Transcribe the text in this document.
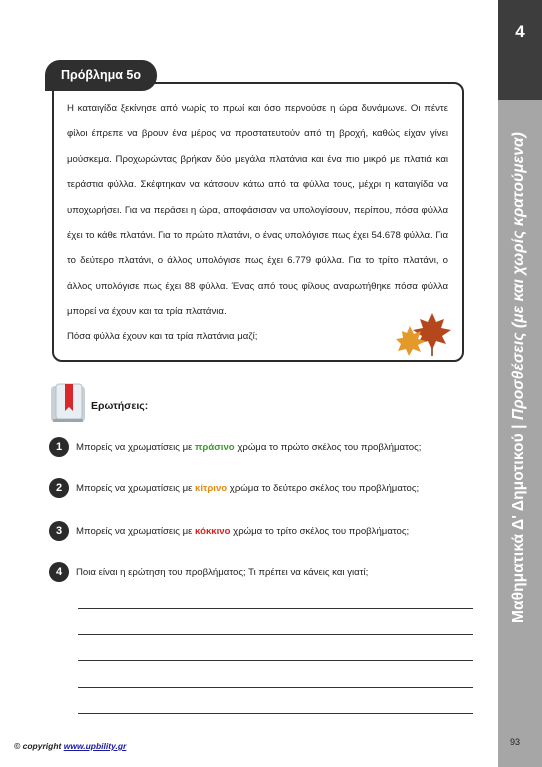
4
Μαθηματικά Δ' Δημοτικού | Προσθέσεις (με και χωρίς κρατούμενα)
Πρόβλημα 5ο

Η καταιγίδα ξεκίνησε από νωρίς το πρωί και όσο περνούσε η ώρα δυνάμωνε. Οι πέντε φίλοι έπρεπε να βρουν ένα μέρος να προστατευτούν από τη βροχή, καθώς είχαν γίνει μούσκεμα. Προχωρώντας βρήκαν δύο μεγάλα πλατάνια και ένα πιο μικρό με πλατιά και τεράστια φύλλα. Σκέφτηκαν να κάτσουν κάτω από τα φύλλα τους, μέχρι η καταιγίδα να υποχωρήσει. Για να περάσει η ώρα, αποφάσισαν να υπολογίσουν, περίπου, πόσα φύλλα έχει το κάθε πλατάνι. Για το πρώτο πλατάνι, ο ένας υπολόγισε πως έχει 54.678 φύλλα. Για το δεύτερο πλατάνι, ο άλλος υπολόγισε πως έχει 6.779 φύλλα. Για το τρίτο πλατάνι, ο άλλος υπολόγισε πως έχει 88 φύλλα. Ένας από τους φίλους αναρωτήθηκε πόσα φύλλα μπορεί να έχουν και τα τρία πλατάνια.

Πόσα φύλλα έχουν και τα τρία πλατάνια μαζί;

Ερωτήσεις:
1	Μπορείς να χρωματίσεις με πράσινο χρώμα το πρώτο σκέλος του προβλήματος;
2	Μπορείς να χρωματίσεις με κίτρινο χρώμα το δεύτερο σκέλος του προβλήματος;
3	Μπορείς να χρωματίσεις με κόκκινο χρώμα το τρίτο σκέλος του προβλήματος;
4	Ποια είναι η ερώτηση του προβλήματος; Τι πρέπει να κάνεις και γιατί;
© copyright www.upbility.gr	93
